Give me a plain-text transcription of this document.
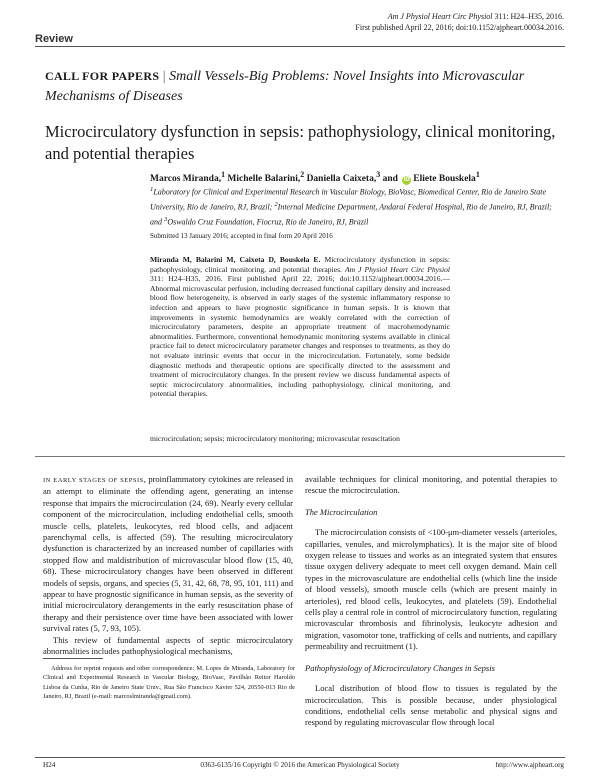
Review
Am J Physiol Heart Circ Physiol 311: H24–H35, 2016.
First published April 22, 2016; doi:10.1152/ajpheart.00034.2016.
CALL FOR PAPERS | Small Vessels-Big Problems: Novel Insights into Microvascular Mechanisms of Diseases
Microcirculatory dysfunction in sepsis: pathophysiology, clinical monitoring, and potential therapies
Marcos Miranda,$^1$ Michelle Balarini,$^2$ Daniella Caixeta,$^3$ and iD Eliete Bouskela$^1$

$^1$Laboratory for Clinical and Experimental Research in Vascular Biology, BioVasc, Biomedical Center, Rio de Janeiro State University, Rio de Janeiro, RJ, Brazil; $^2$Internal Medicine Department, Andaraí Federal Hospital, Rio de Janeiro, RJ, Brazil; and $^3$Oswaldo Cruz Foundation, Fiocruz, Rio de Janeiro, RJ, Brazil

Submitted 13 January 2016; accepted in final form 20 April 2016

Miranda M, Balarini M, Caixeta D, Bouskela E. Microcirculatory dysfunction in sepsis: pathophysiology, clinical monitoring, and potential therapies. Am J Physiol Heart Circ Physiol 311: H24–H35, 2016. First published April 22, 2016; doi:10.1152/ajpheart.00034.2016.—Abnormal microvascular perfusion, including decreased functional capillary density and increased blood flow heterogeneity, is observed in early stages of the systemic inflammatory response to infection and appears to have prognostic significance in human sepsis. It is known that improvements in systemic hemodynamics are weakly correlated with the correction of microcirculatory parameters, despite an appropriate treatment of macrohemodynamic abnormalities. Furthermore, conventional hemodynamic monitoring systems available in clinical practice fail to detect microcirculatory parameter changes and responses to treatments, as they do not evaluate intrinsic events that occur in the microcirculation. Fortunately, some bedside diagnostic methods and therapeutic options are specifically directed to the assessment and treatment of microcirculatory changes. In the present review we discuss fundamental aspects of septic microcirculatory abnormalities, including pathophysiology, clinical monitoring, and potential therapies.

microcirculation; sepsis; microcirculatory monitoring; microvascular resuscitation

IN EARLY STAGES OF SEPSIS, proinflammatory cytokines are released in an attempt to eliminate the offending agent, generating an intense response that impairs the microcirculation (24, 69). Nearly every cellular component of the microcirculation, including endothelial cells, smooth muscle cells, platelets, leukocytes, red blood cells, and adjacent parenchymal cells, is affected (59). The resulting microcirculatory dysfunction is characterized by an increased number of capillaries with stopped flow and maldistribution of microvascular blood flow (15, 40, 68). These microcirculatory changes have been observed in different models of sepsis, organs, and species (5, 31, 42, 68, 78, 95, 101, 111) and appear to have prognostic significance in human sepsis, as the severity of initial microcirculatory derangements in the early resuscitation phase of therapy and their persistence over time have been associated with lower survival rates (5, 7, 93, 105).

This review of fundamental aspects of septic microcirculatory abnormalities includes pathophysiological mechanisms,

available techniques for clinical monitoring, and potential therapies to rescue the microcirculation.

The Microcirculation

The microcirculation consists of <100-μm-diameter vessels (arterioles, capillaries, venules, and microlymphatics). It is the major site of blood oxygen release to tissues and works as an integrated system that ensures tissue oxygen delivery adequate to meet cell oxygen demand. Main cell types in the microvasculature are endothelial cells (which line the inside of blood vessels), smooth muscle cells (which are present mainly in arterioles), red blood cells, leukocytes, and platelets (59). Endothelial cells play a central role in control of microcirculatory function, regulating microvascular thrombosis and fibrinolysis, leukocyte adhesion and migration, vasomotor tone, trafficking of cells and nutrients, and capillary permeability and recruitment (1).

Pathophysiology of Microcirculatory Changes in Sepsis

Local distribution of blood flow to tissues is regulated by the microcirculation. This is possible because, under physiological conditions, endothelial cells sense metabolic and physical signs and respond by regulating microvascular flow through local

Address for reprint requests and other correspondence: M. Lopes de Miranda, Laboratory for Clinical and Experimental Research in Vascular Biology, BioVasc, Pavilhão Reitor Haroldo Lisboa da Cunha, Rio de Janeiro State Univ., Rua São Francisco Xavier 524, 20550-013 Rio de Janeiro, RJ, Brazil (e-mail: marcoslmiranda@gmail.com).
H24	0363-6135/16 Copyright © 2016 the American Physiological Society	http://www.ajpheart.org
